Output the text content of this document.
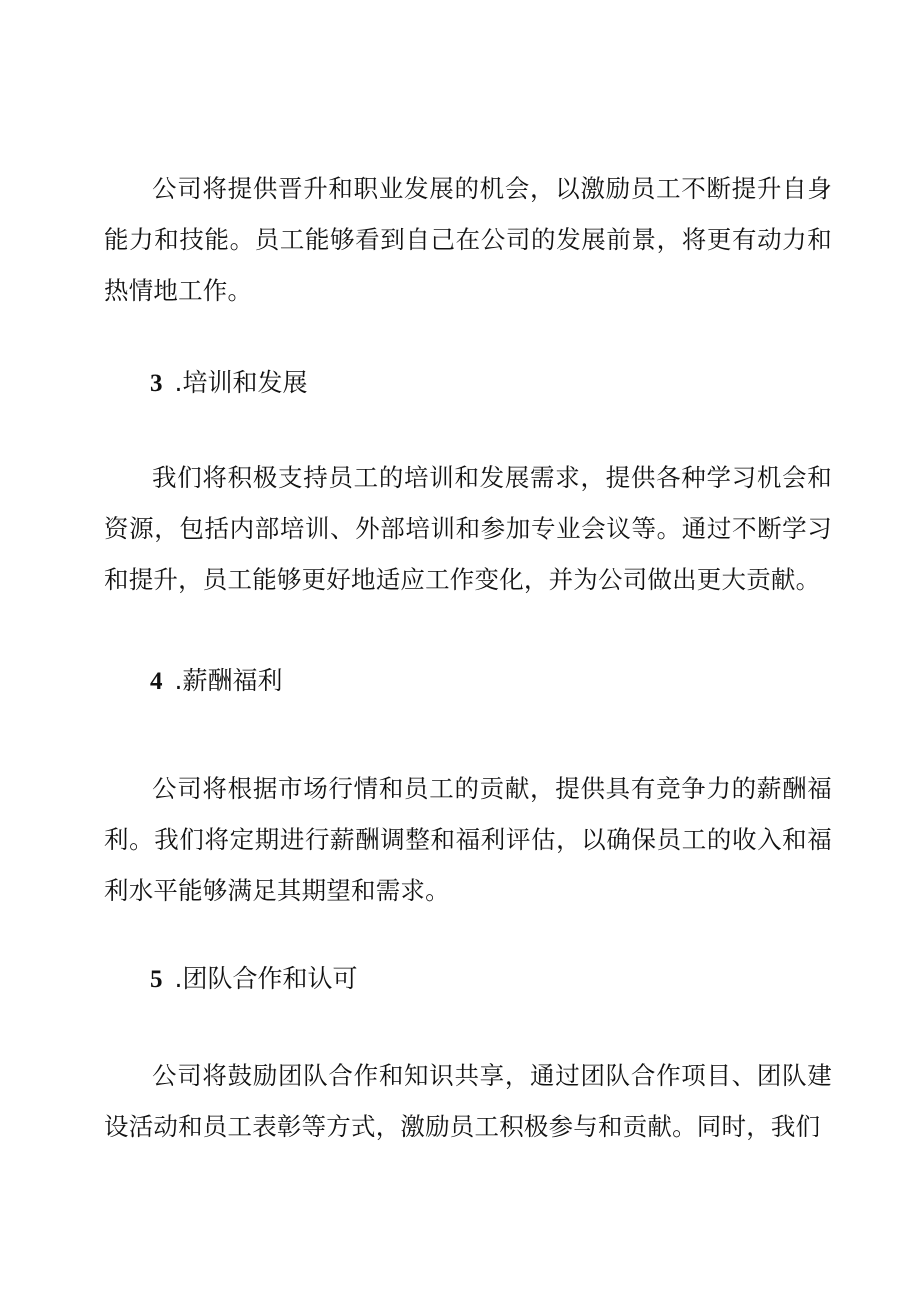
公司将提供晋升和职业发展的机会，以激励员工不断提升自身能力和技能。员工能够看到自己在公司的发展前景，将更有动力和热情地工作。

3 .培训和发展

我们将积极支持员工的培训和发展需求，提供各种学习机会和资源，包括内部培训、外部培训和参加专业会议等。通过不断学习和提升，员工能够更好地适应工作变化，并为公司做出更大贡献。

4 .薪酬福利

公司将根据市场行情和员工的贡献，提供具有竞争力的薪酬福利。我们将定期进行薪酬调整和福利评估，以确保员工的收入和福利水平能够满足其期望和需求。

5 .团队合作和认可

公司将鼓励团队合作和知识共享，通过团队合作项目、团队建设活动和员工表彰等方式，激励员工积极参与和贡献。同时，我们
